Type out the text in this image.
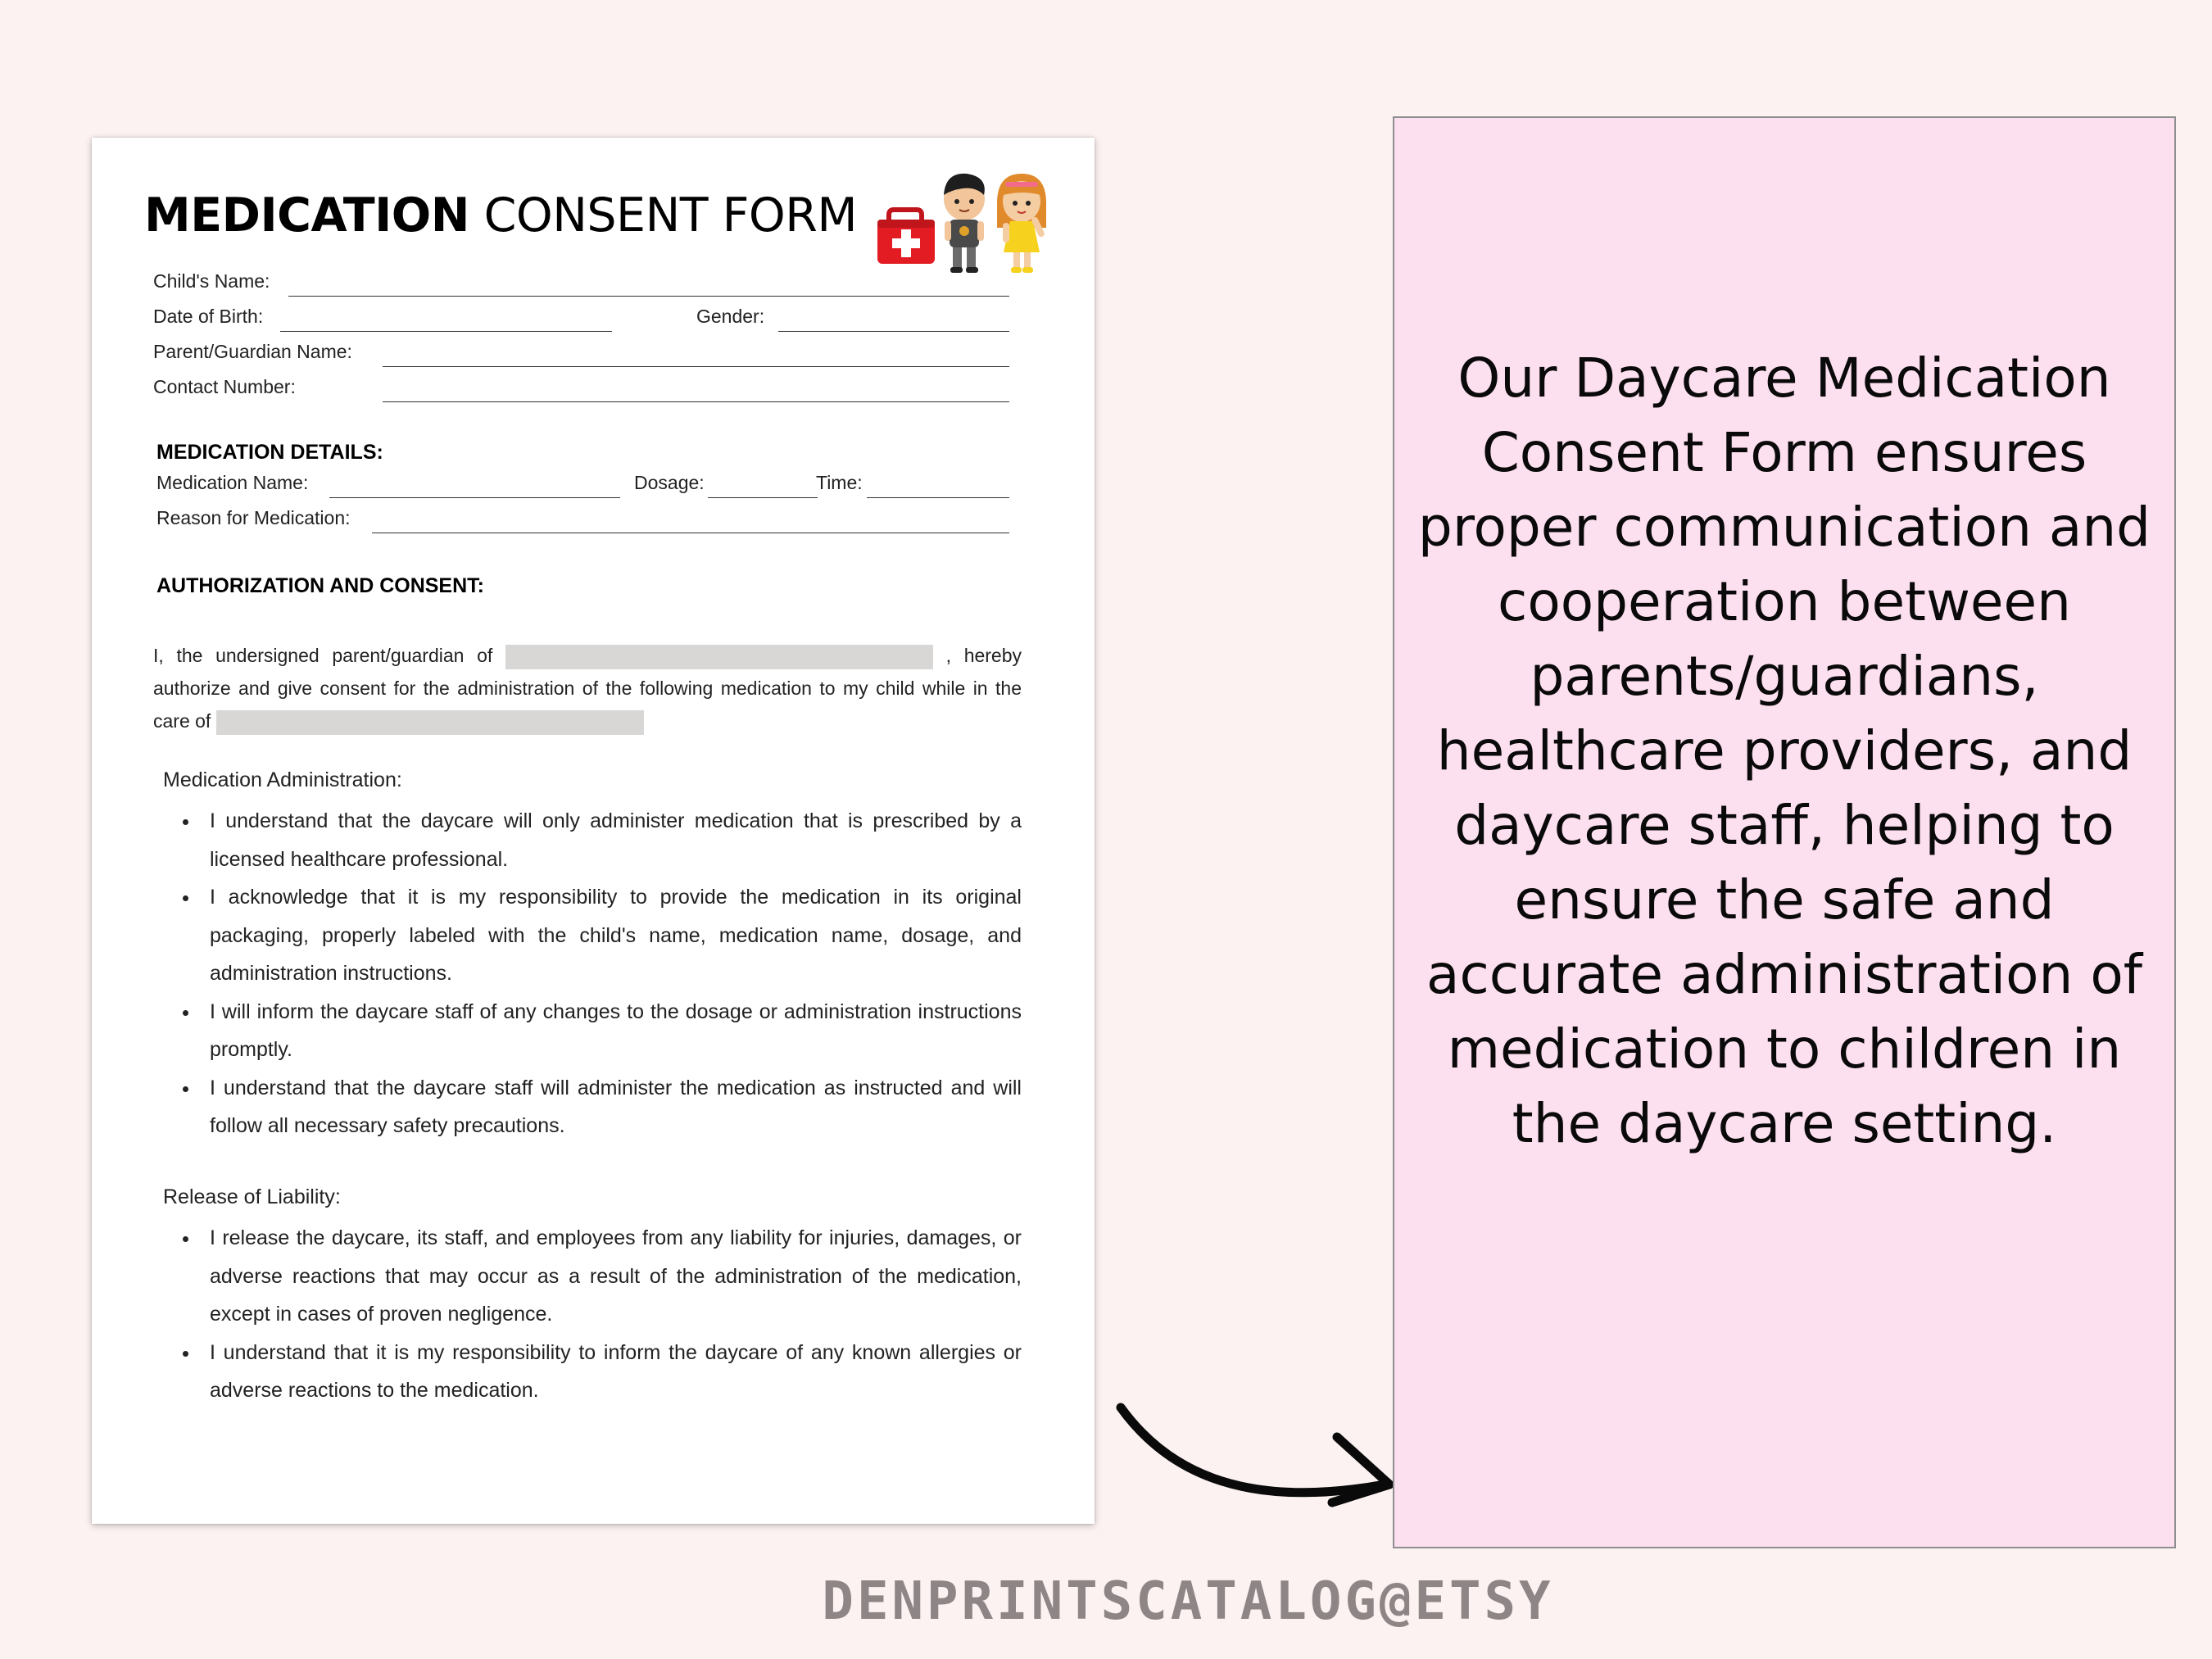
MEDICATION CONSENT FORM
Child's Name:
Date of Birth:	Gender:
Parent/Guardian Name:
Contact Number:
MEDICATION DETAILS:
Medication Name:	Dosage:	Time:
Reason for Medication:
AUTHORIZATION AND CONSENT:

I, the undersigned parent/guardian of	, hereby authorize and give consent for the administration of the following medication to my child while in the care of

Medication Administration:
• I understand that the daycare will only administer medication that is prescribed by a licensed healthcare professional.
• I acknowledge that it is my responsibility to provide the medication in its original packaging, properly labeled with the child's name, medication name, dosage, and administration instructions.
• I will inform the daycare staff of any changes to the dosage or administration instructions promptly.
• I understand that the daycare staff will administer the medication as instructed and will follow all necessary safety precautions.
Release of Liability:
• I release the daycare, its staff, and employees from any liability for injuries, damages, or adverse reactions that may occur as a result of the administration of the medication, except in cases of proven negligence.
• I understand that it is my responsibility to inform the daycare of any known allergies or adverse reactions to the medication.

Our Daycare Medication Consent Form ensures proper communication and cooperation between parents/guardians, healthcare providers, and daycare staff, helping to ensure the safe and accurate administration of medication to children in the daycare setting.

DENPRINTSCATALOG@ETSY
